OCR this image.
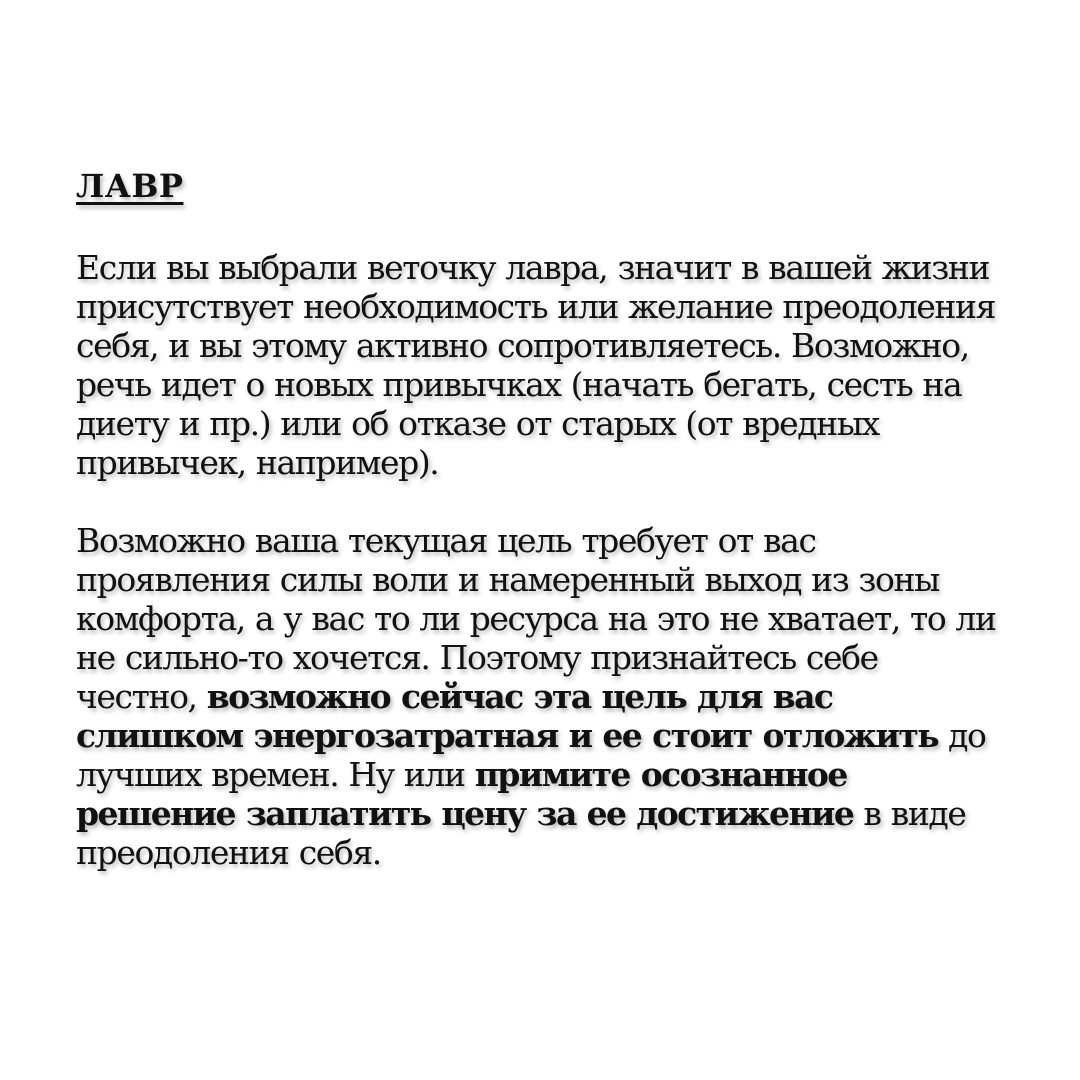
ЛАВР

Если вы выбрали веточку лавра, значит в вашей жизни присутствует необходимость или желание преодоления себя, и вы этому активно сопротивляетесь. Возможно, речь идет о новых привычках (начать бегать, сесть на диету и пр.) или об отказе от старых (от вредных привычек, например).

Возможно ваша текущая цель требует от вас проявления силы воли и намеренный выход из зоны комфорта, а у вас то ли ресурса на это не хватает, то ли не сильно-то хочется. Поэтому признайтесь себе честно, возможно сейчас эта цель для вас слишком энергозатратная и ее стоит отложить до лучших времен. Ну или примите осознанное решение заплатить цену за ее достижение в виде преодоления себя.
